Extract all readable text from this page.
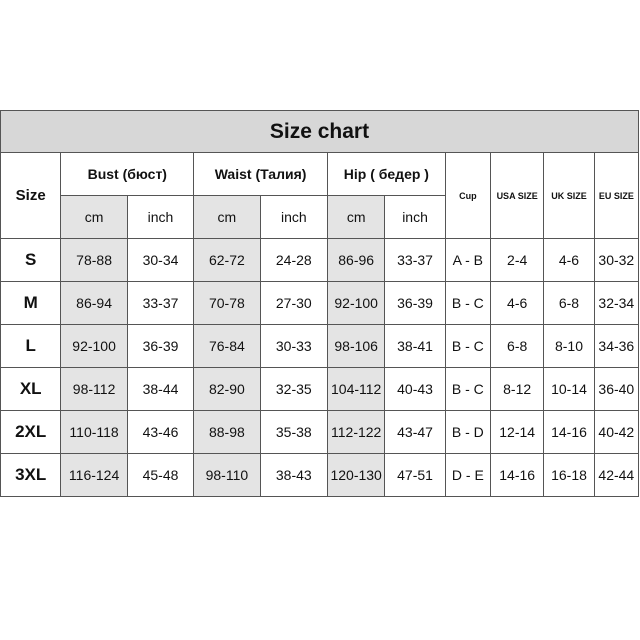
Size chart										
Size	Bust (бюст)		Waist (Талия)		Hip ( бедер )		Cup	USA SIZE	UK SIZE	EU SIZE
	cm	inch	cm	inch	cm	inch				
S	78-88	30-34	62-72	24-28	86-96	33-37	A - B	2-4	4-6	30-32
M	86-94	33-37	70-78	27-30	92-100	36-39	B - C	4-6	6-8	32-34
L	92-100	36-39	76-84	30-33	98-106	38-41	B - C	6-8	8-10	34-36
XL	98-112	38-44	82-90	32-35	104-112	40-43	B - C	8-12	10-14	36-40
2XL	110-118	43-46	88-98	35-38	112-122	43-47	B - D	12-14	14-16	40-42
3XL	116-124	45-48	98-110	38-43	120-130	47-51	D - E	14-16	16-18	42-44
